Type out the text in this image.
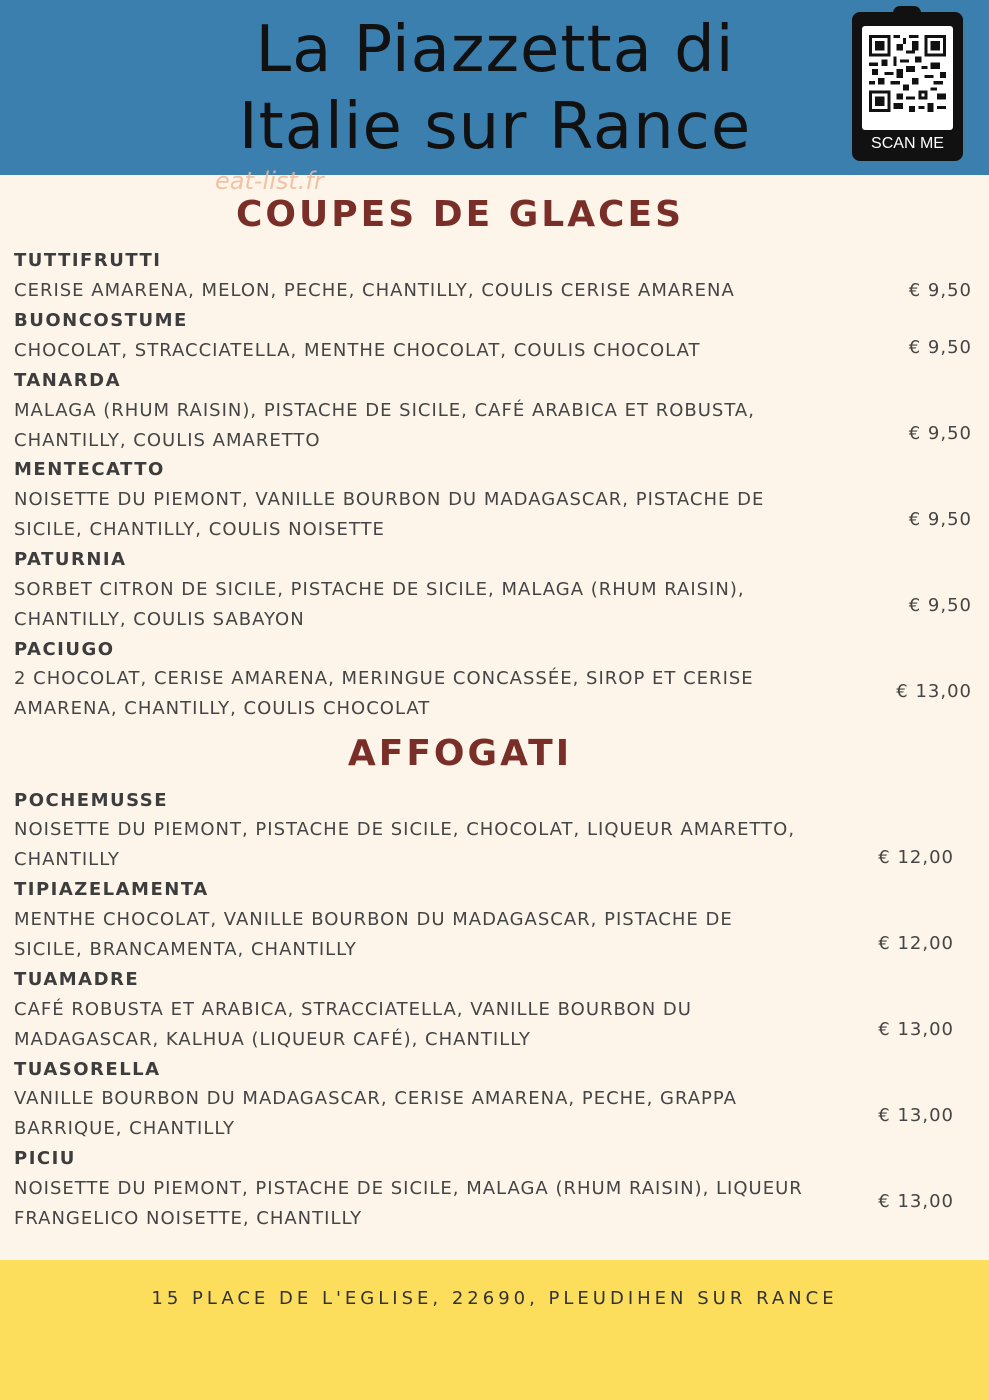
La Piazzetta di
Italie sur Rance	SCAN ME
eat-list.fr
COUPES DE GLACES
TUTTIFRUTTI
CERISE AMARENA, MELON, PECHE, CHANTILLY, COULIS CERISE AMARENA	€ 9,50
BUONCOSTUME
CHOCOLAT, STRACCIATELLA, MENTHE CHOCOLAT, COULIS CHOCOLAT	€ 9,50
TANARDA
MALAGA (RHUM RAISIN), PISTACHE DE SICILE, CAFÉ ARABICA ET ROBUSTA, CHANTILLY, COULIS AMARETTO	€ 9,50
MENTECATTO
NOISETTE DU PIEMONT, VANILLE BOURBON DU MADAGASCAR, PISTACHE DE SICILE, CHANTILLY, COULIS NOISETTE	€ 9,50
PATURNIA
SORBET CITRON DE SICILE, PISTACHE DE SICILE, MALAGA (RHUM RAISIN), CHANTILLY, COULIS SABAYON
€ 9,50
PACIUGO
2 CHOCOLAT, CERISE AMARENA, MERINGUE CONCASSÉE, SIROP ET CERISE AMARENA, CHANTILLY, COULIS CHOCOLAT
€ 13,00
AFFOGATI
POCHEMUSSE
NOISETTE DU PIEMONT, PISTACHE DE SICILE, CHOCOLAT, LIQUEUR AMARETTO, CHANTILLY	€ 12,00
TIPIAZELAMENTA
MENTHE CHOCOLAT, VANILLE BOURBON DU MADAGASCAR, PISTACHE DE SICILE, BRANCAMENTA, CHANTILLY	€ 12,00
TUAMADRE
CAFÉ ROBUSTA ET ARABICA, STRACCIATELLA, VANILLE BOURBON DU MADAGASCAR, KALHUA (LIQUEUR CAFÉ), CHANTILLY	€ 13,00
TUASORELLA
VANILLE BOURBON DU MADAGASCAR, CERISE AMARENA, PECHE, GRAPPA BARRIQUE, CHANTILLY
€ 13,00
PICIU
NOISETTE DU PIEMONT, PISTACHE DE SICILE, MALAGA (RHUM RAISIN), LIQUEUR FRANGELICO NOISETTE, CHANTILLY
€ 13,00
15 PLACE DE L'EGLISE, 22690, PLEUDIHEN SUR RANCE
